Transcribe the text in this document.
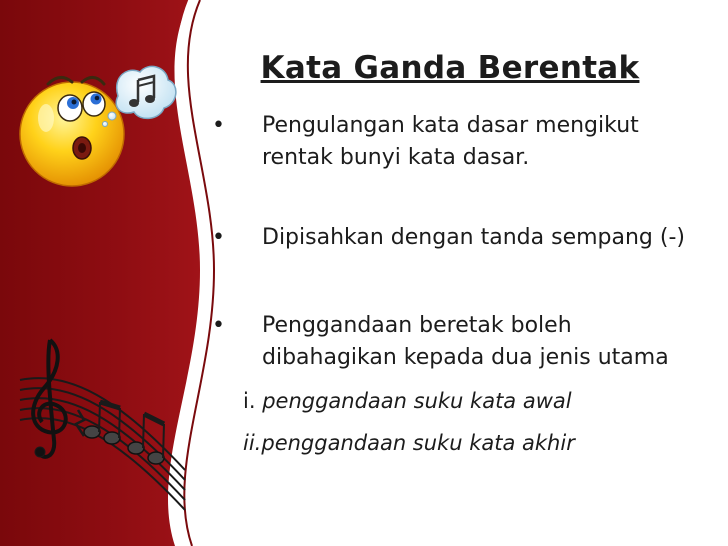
Kata Ganda Berentak
• Pengulangan kata dasar mengikut rentak bunyi kata dasar.
• Dipisahkan dengan tanda sempang (-)
• Penggandaan beretak boleh dibahagikan kepada dua jenis utama
i. penggandaan suku kata awal
ii.penggandaan suku kata akhir
